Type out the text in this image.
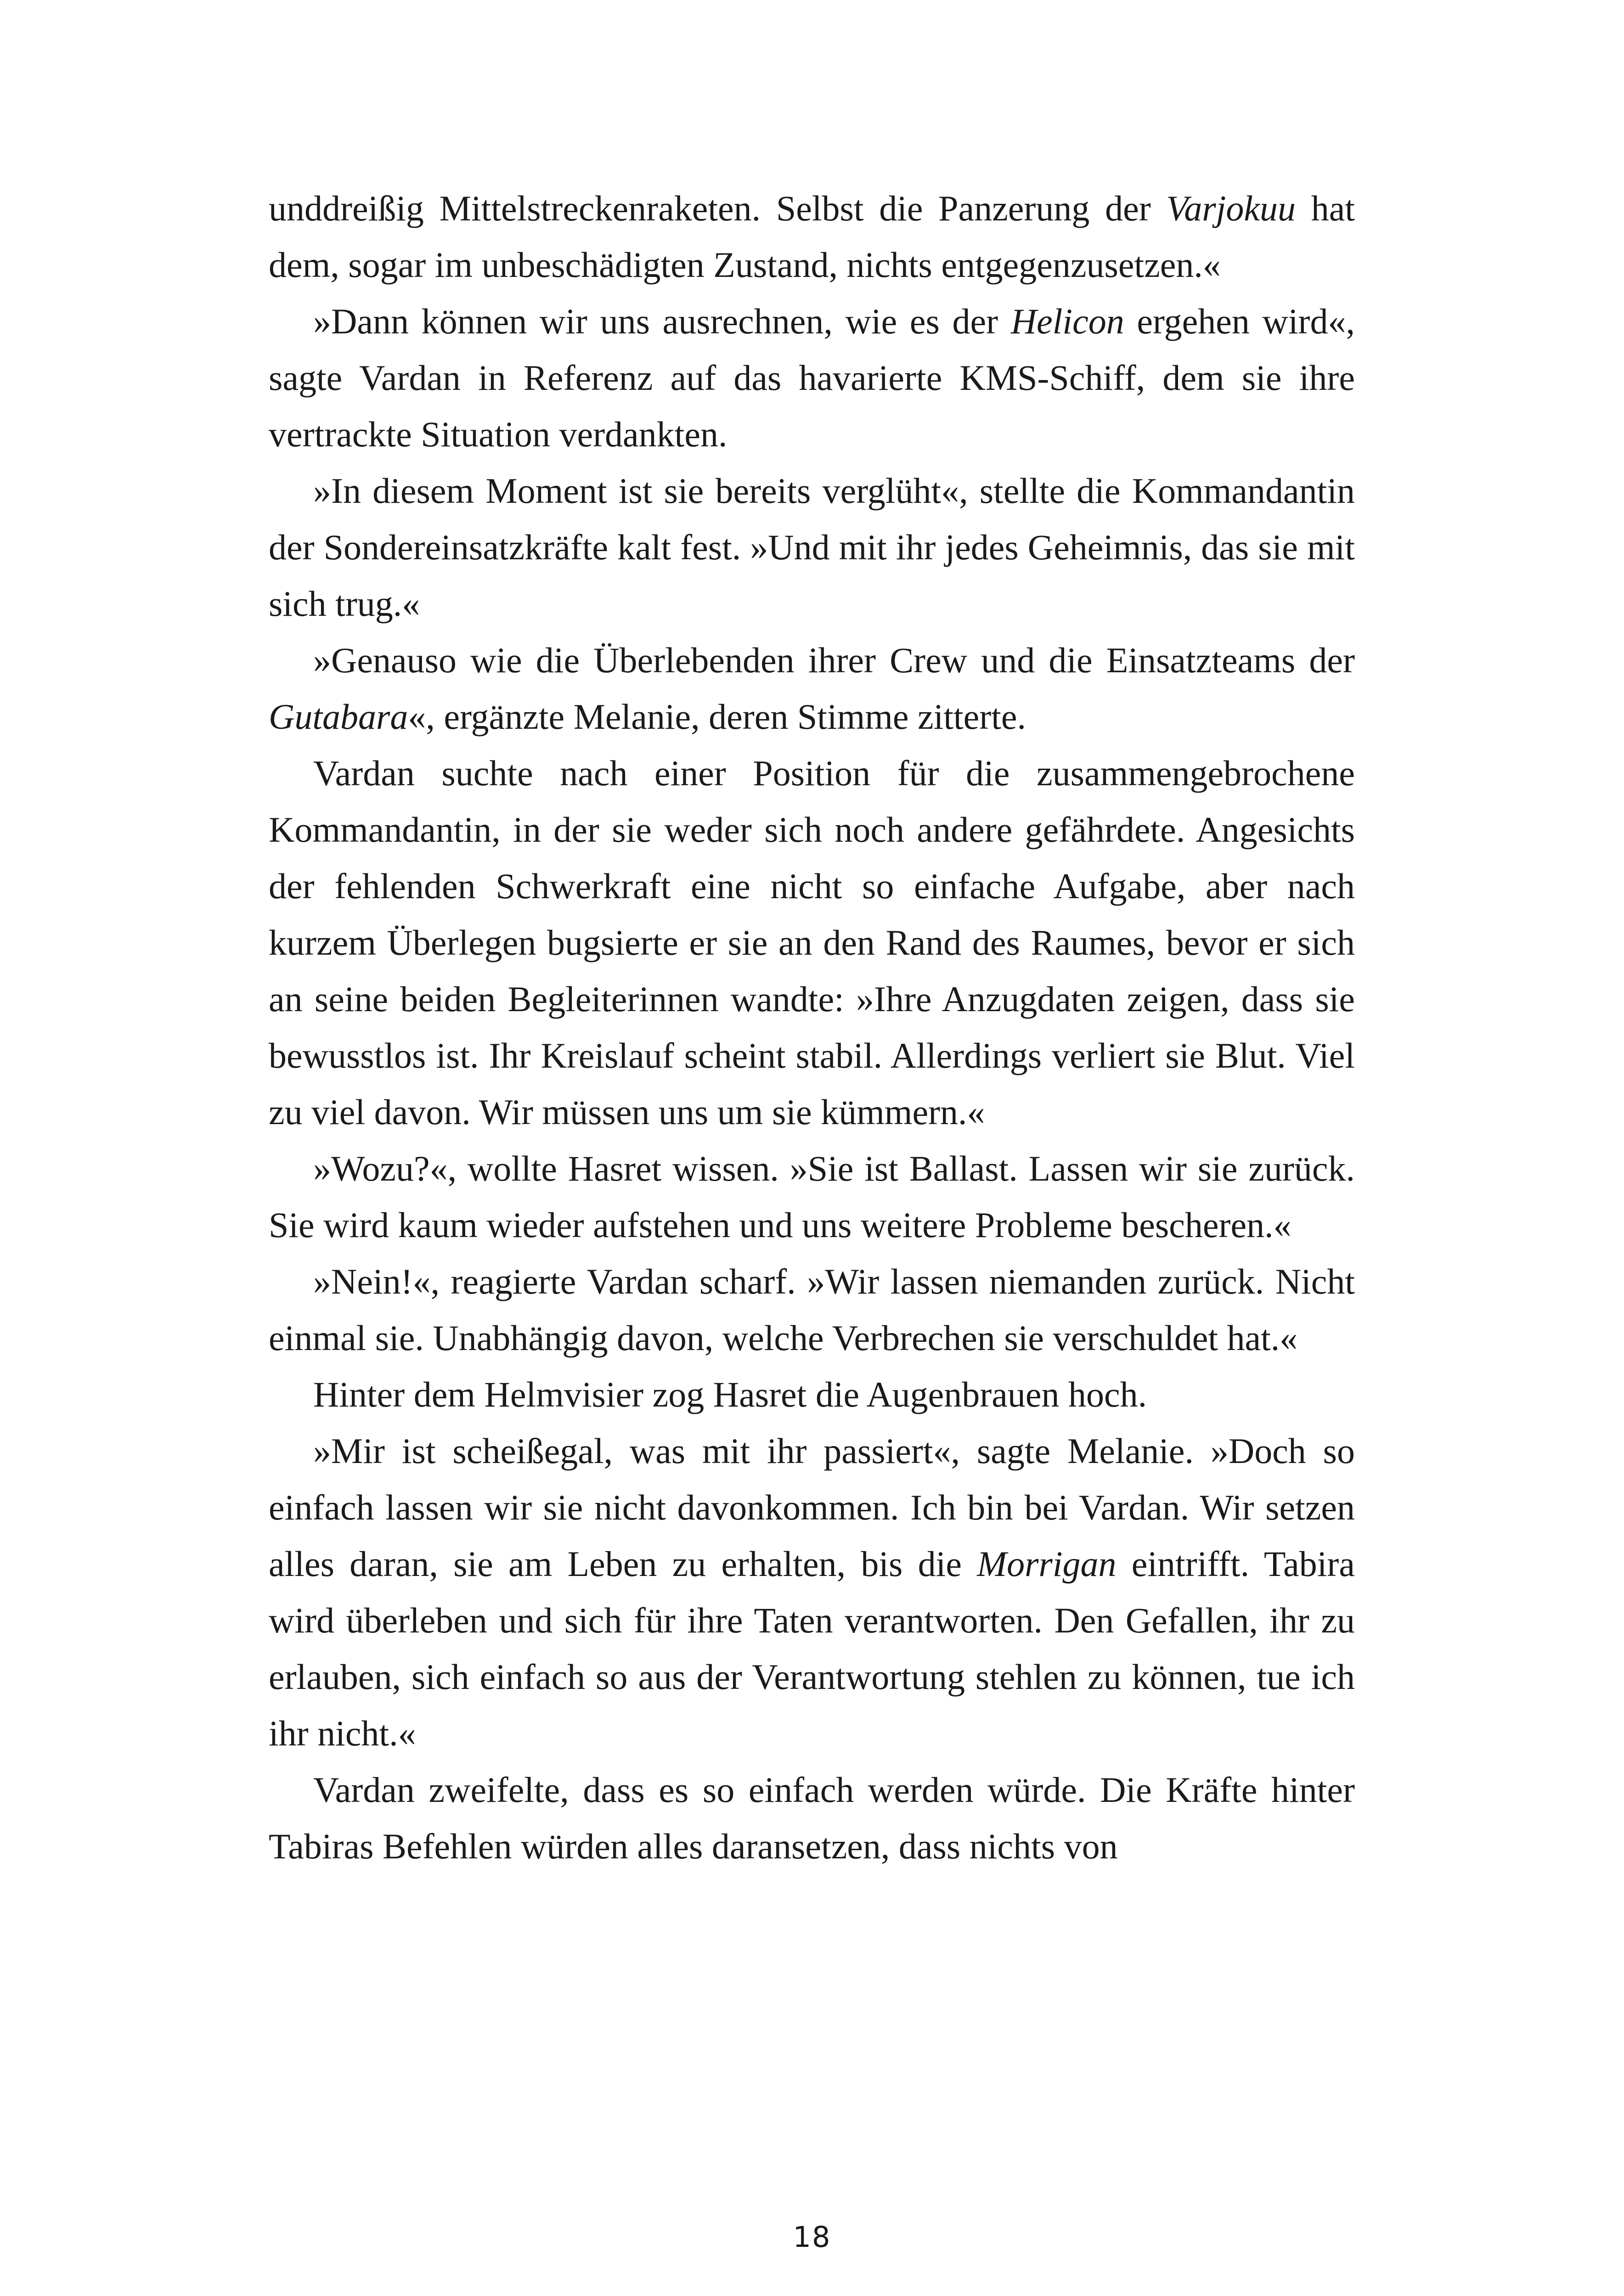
unddreißig Mittelstreckenraketen. Selbst die Panzerung der Varjokuu hat dem, sogar im unbeschädigten Zustand, nichts entgegenzusetzen.«

»Dann können wir uns ausrechnen, wie es der Helicon ergehen wird«, sagte Vardan in Referenz auf das havarierte KMS-Schiff, dem sie ihre vertrackte Situation verdankten.

»In diesem Moment ist sie bereits verglüht«, stellte die Kommandantin der Sondereinsatzkräfte kalt fest. »Und mit ihr jedes Geheimnis, das sie mit sich trug.«

»Genauso wie die Überlebenden ihrer Crew und die Einsatzteams der Gutabara«, ergänzte Melanie, deren Stimme zitterte.

Vardan suchte nach einer Position für die zusammengebrochene Kommandantin, in der sie weder sich noch andere gefährdete. Angesichts der fehlenden Schwerkraft eine nicht so einfache Aufgabe, aber nach kurzem Überlegen bugsierte er sie an den Rand des Raumes, bevor er sich an seine beiden Begleiterinnen wandte: »Ihre Anzugdaten zeigen, dass sie bewusstlos ist. Ihr Kreislauf scheint stabil. Allerdings verliert sie Blut. Viel zu viel davon. Wir müssen uns um sie kümmern.«

»Wozu?«, wollte Hasret wissen. »Sie ist Ballast. Lassen wir sie zurück. Sie wird kaum wieder aufstehen und uns weitere Probleme bescheren.«

»Nein!«, reagierte Vardan scharf. »Wir lassen niemanden zurück. Nicht einmal sie. Unabhängig davon, welche Verbrechen sie verschuldet hat.«

Hinter dem Helmvisier zog Hasret die Augenbrauen hoch.

»Mir ist scheißegal, was mit ihr passiert«, sagte Melanie. »Doch so einfach lassen wir sie nicht davonkommen. Ich bin bei Vardan. Wir setzen alles daran, sie am Leben zu erhalten, bis die Morrigan eintrifft. Tabira wird überleben und sich für ihre Taten verantworten. Den Gefallen, ihr zu erlauben, sich einfach so aus der Verantwortung stehlen zu können, tue ich ihr nicht.«

Vardan zweifelte, dass es so einfach werden würde. Die Kräfte hinter Tabiras Befehlen würden alles daransetzen, dass nichts von

18
